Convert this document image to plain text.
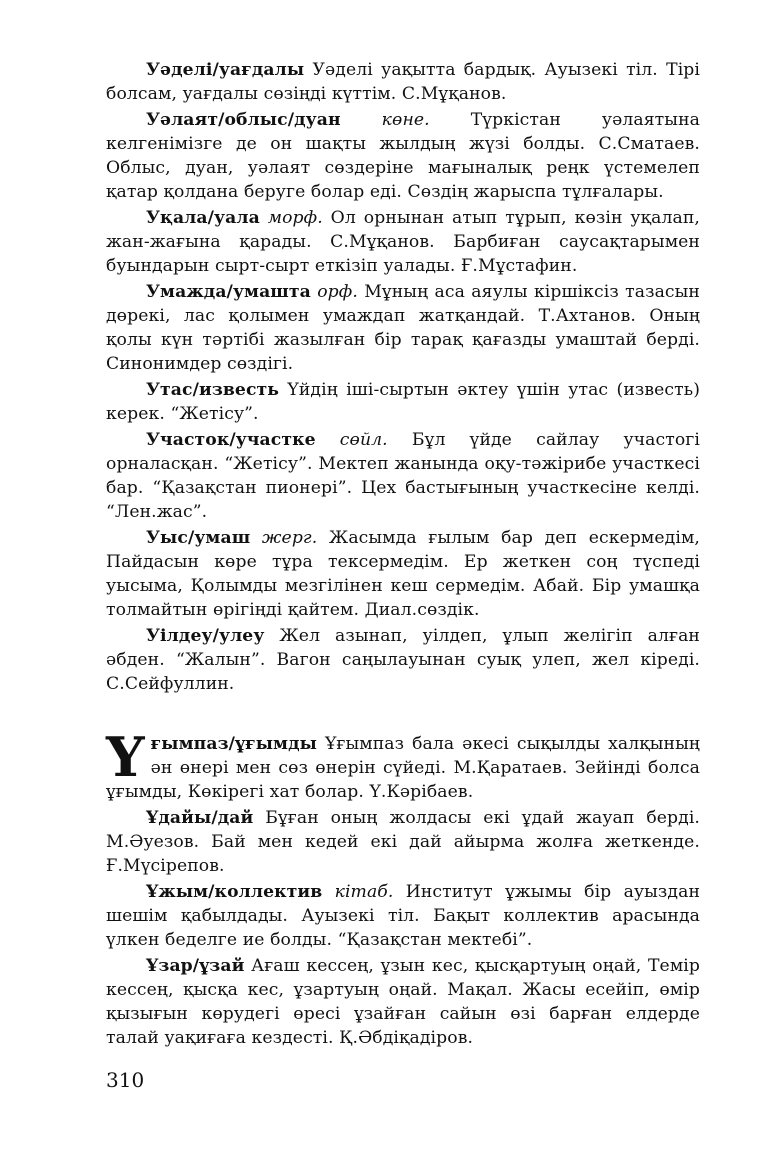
Уәделі/уағдалы Уәделі уақытта бардық. Ауызекі тіл. Тірі болсам, уағдалы сөзіңді күттім. С.Мұқанов.

Уәлаят/облыс/дуан көне. Түркістан уәлаятына келгенімізге де он шақты жылдың жүзі болды. С.Сматаев. Облыс, дуан, уәлаят сөздеріне мағыналық реңк үстемелеп қатар қолдана беруге болар еді. Сөздің жарыспа тұлғалары.

Уқала/уала морф. Ол орнынан атып тұрып, көзін уқалап, жан-жағына қарады. С.Мұқанов. Барбиған саусақтарымен буындарын сырт-сырт еткізіп уалады. Ғ.Мұстафин.

Умажда/умашта орф. Мұның аса аяулы кіршіксіз тазасын дөрекі, лас қолымен умаждап жатқандай. Т.Ахтанов. Оның қолы күн тәртібі жазылған бір тарақ қағазды умаштай берді. Синонимдер сөздігі.

Утас/известь Үйдің іші-сыртын әктеу үшін утас (известь) керек. “Жетісу”.

Участок/участке сөйл. Бұл үйде сайлау участогі орналасқан. “Жетісу”. Мектеп жанында оқу-тәжірибе участкесі бар. “Қазақстан пионері”. Цех бастығының участкесіне келді. “Лен.жас”.

Уыс/умаш жерг. Жасымда ғылым бар деп ескермедім, Пайдасын көре тұра тексермедім. Ер жеткен соң түспеді уысыма, Қолымды мезгілінен кеш сермедім. Абай. Бір умашқа толмайтын өрігіңді қайтем. Диал.сөздік.

Уілдеу/улеу Жел азынап, уілдеп, ұлып желігіп алған әбден. “Жалын”. Вагон саңылауынан суық улеп, жел кіреді. С.Сейфуллин.

Үғымпаз/ұғымды Ұғымпаз бала әкесі сықылды халқының ән өнері мен сөз өнерін сүйеді. М.Қаратаев. Зейінді болса ұғымды, Көкірегі хат болар. Ү.Кәрібаев.

Ұдайы/дай Бұған оның жолдасы екі ұдай жауап берді. М.Әуезов. Бай мен кедей екі дай айырма жолға жеткенде. Ғ.Мүсірепов.

Ұжым/коллектив кітаб. Институт ұжымы бір ауыздан шешім қабылдады. Ауызекі тіл. Бақыт коллектив арасында үлкен беделге ие болды. “Қазақстан мектебі”.

Ұзар/ұзай Ағаш кессең, ұзын кес, қысқартуың оңай, Темір кессең, қысқа кес, ұзартуың оңай. Мақал. Жасы есейіп, өмір қызығын көрудегі өресі ұзайған сайын өзі барған елдерде талай уақиғаға кездесті. Қ.Әбдіқадіров.

310
